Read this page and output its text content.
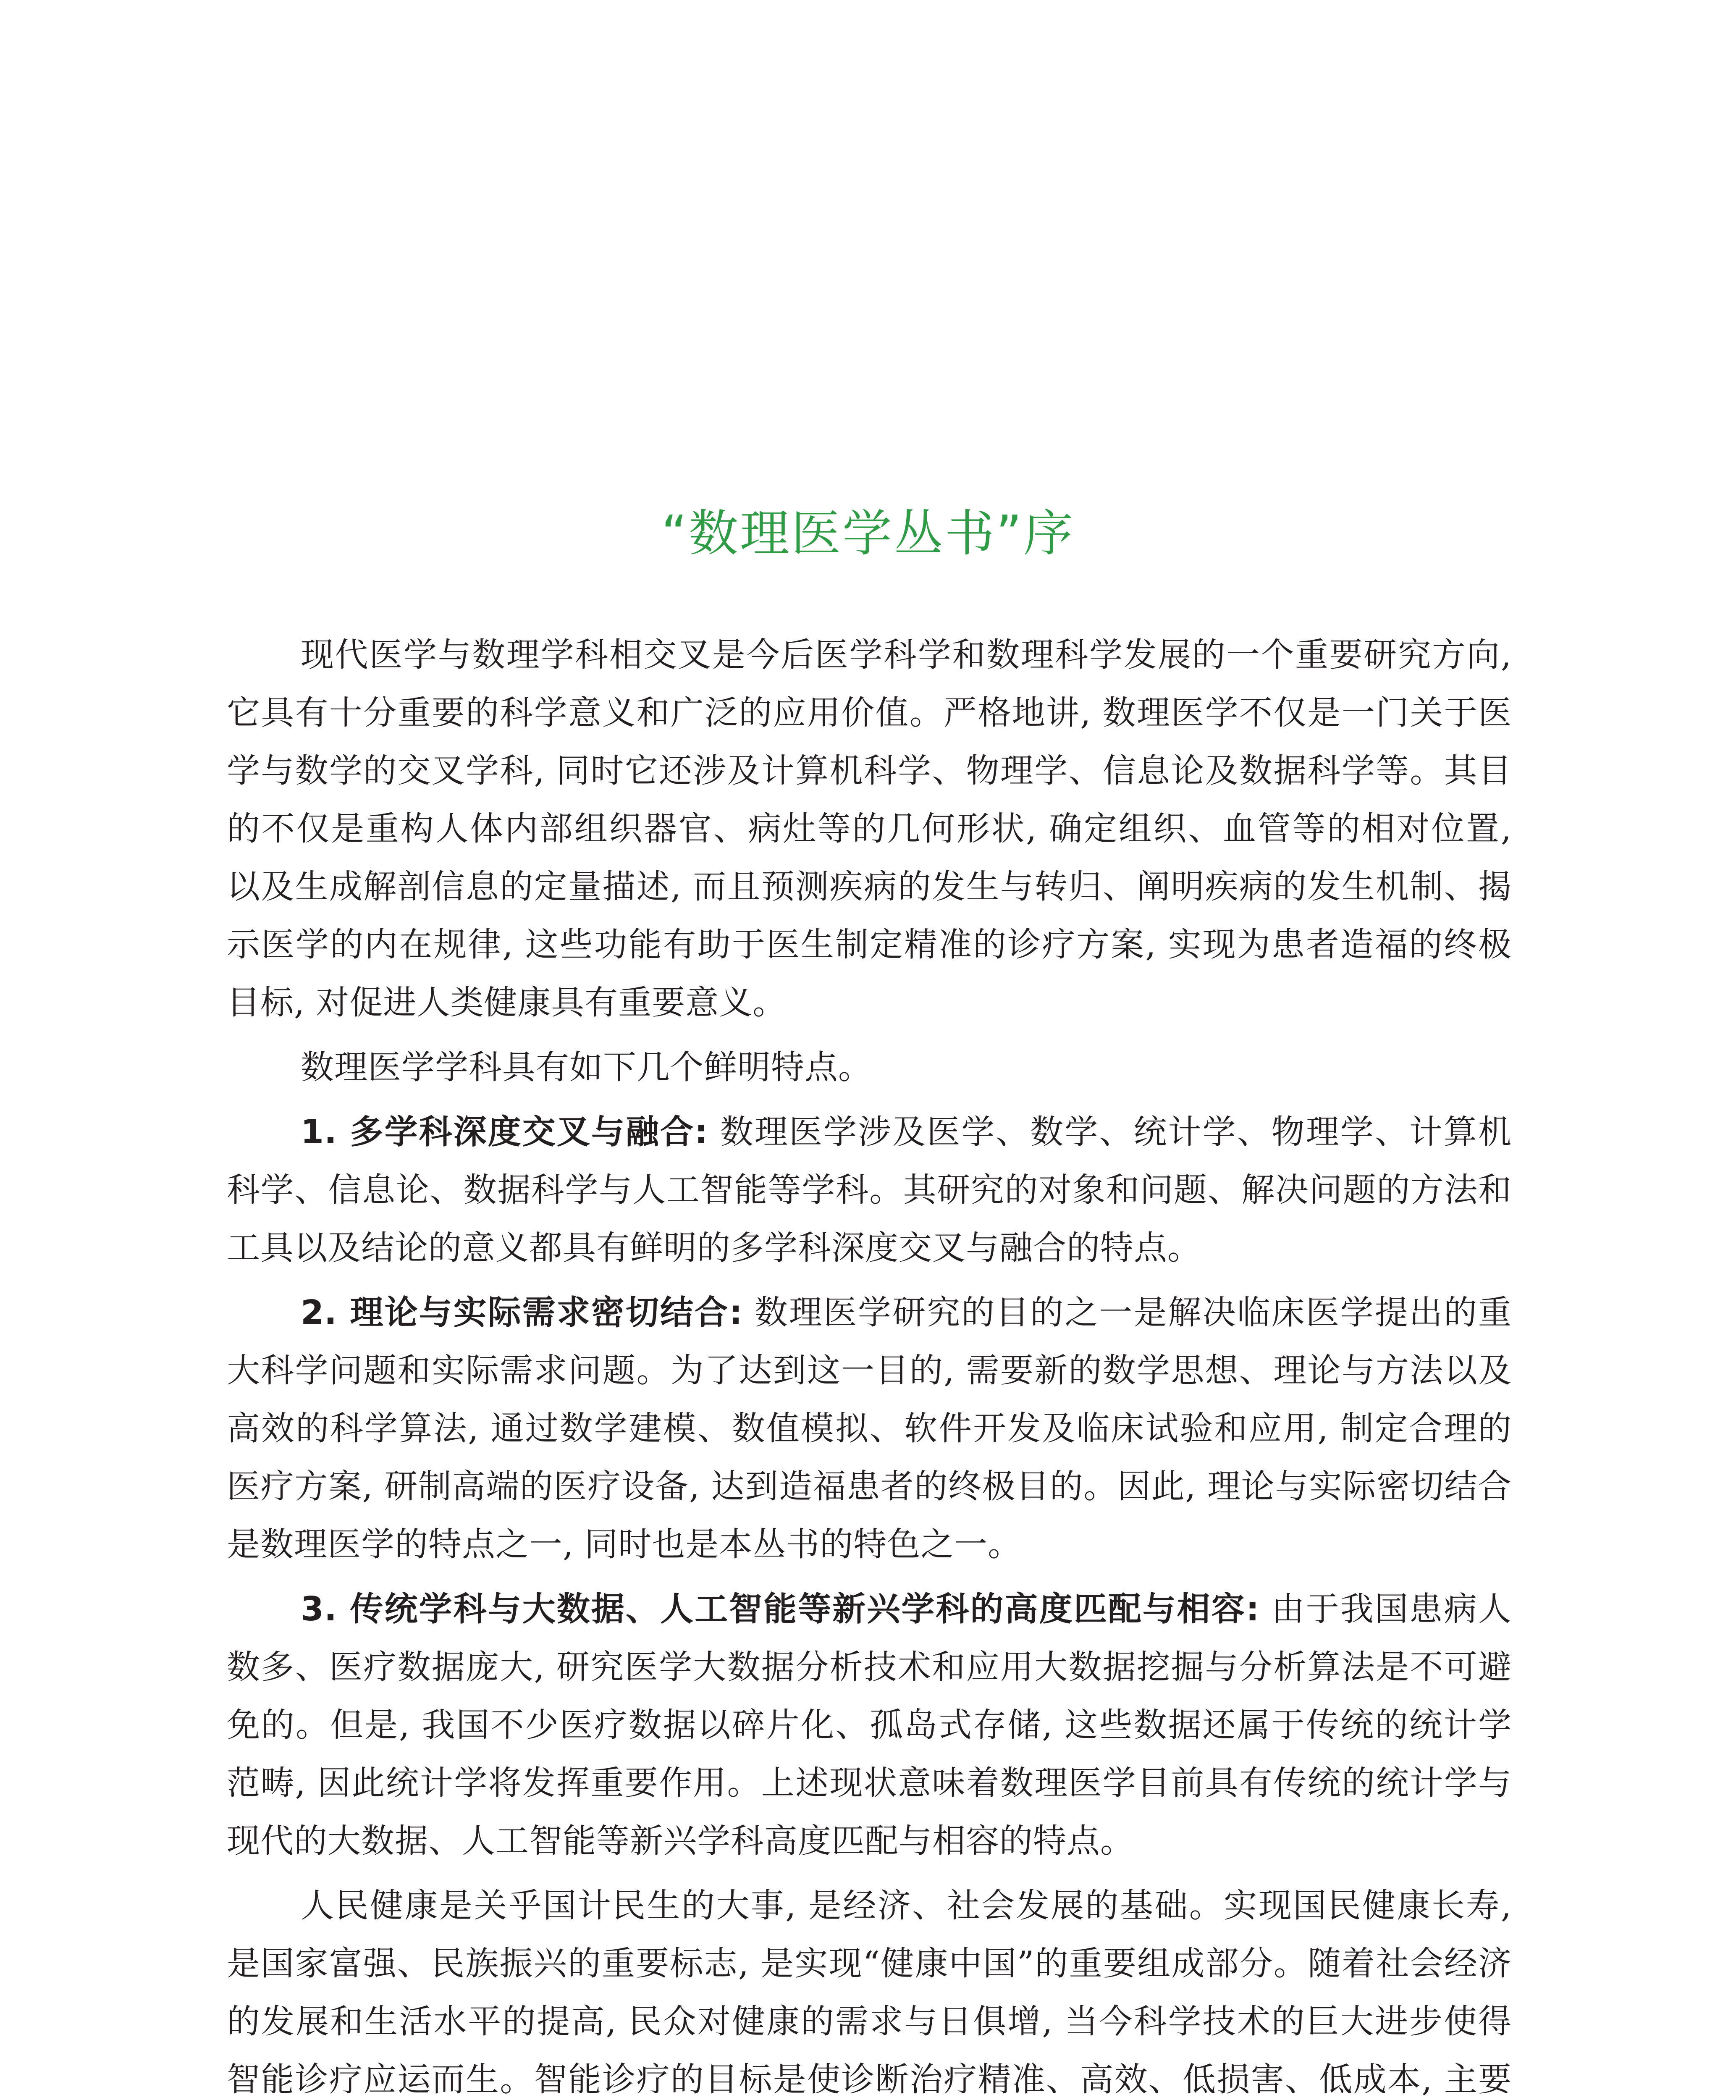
“数理医学丛书”序

现代医学与数理学科相交叉是今后医学科学和数理科学发展的一个重要研究方向, 它具有十分重要的科学意义和广泛的应用价值。严格地讲, 数理医学不仅是一门关于医学与数学的交叉学科, 同时它还涉及计算机科学、物理学、信息论及数据科学等。其目的不仅是重构人体内部组织器官、病灶等的几何形状, 确定组织、血管等的相对位置, 以及生成解剖信息的定量描述, 而且预测疾病的发生与转归、阐明疾病的发生机制、揭示医学的内在规律, 这些功能有助于医生制定精准的诊疗方案, 实现为患者造福的终极目标, 对促进人类健康具有重要意义。

数理医学学科具有如下几个鲜明特点。

1. 多学科深度交叉与融合: 数理医学涉及医学、数学、统计学、物理学、计算机科学、信息论、数据科学与人工智能等学科。其研究的对象和问题、解决问题的方法和工具以及结论的意义都具有鲜明的多学科深度交叉与融合的特点。

2. 理论与实际需求密切结合: 数理医学研究的目的之一是解决临床医学提出的重大科学问题和实际需求问题。为了达到这一目的, 需要新的数学思想、理论与方法以及高效的科学算法, 通过数学建模、数值模拟、软件开发及临床试验和应用, 制定合理的医疗方案, 研制高端的医疗设备, 达到造福患者的终极目的。因此, 理论与实际密切结合是数理医学的特点之一, 同时也是本丛书的特色之一。

3. 传统学科与大数据、人工智能等新兴学科的高度匹配与相容: 由于我国患病人数多、医疗数据庞大, 研究医学大数据分析技术和应用大数据挖掘与分析算法是不可避免的。但是, 我国不少医疗数据以碎片化、孤岛式存储, 这些数据还属于传统的统计学范畴, 因此统计学将发挥重要作用。上述现状意味着数理医学目前具有传统的统计学与现代的大数据、人工智能等新兴学科高度匹配与相容的特点。

人民健康是关乎国计民生的大事, 是经济、社会发展的基础。实现国民健康长寿, 是国家富强、民族振兴的重要标志, 是实现“健康中国”的重要组成部分。随着社会经济的发展和生活水平的提高, 民众对健康的需求与日俱增, 当今科学技术的巨大进步使得智能诊疗应运而生。智能诊疗的目标是使诊断治疗精准、高效、低损害、低成本, 主要
